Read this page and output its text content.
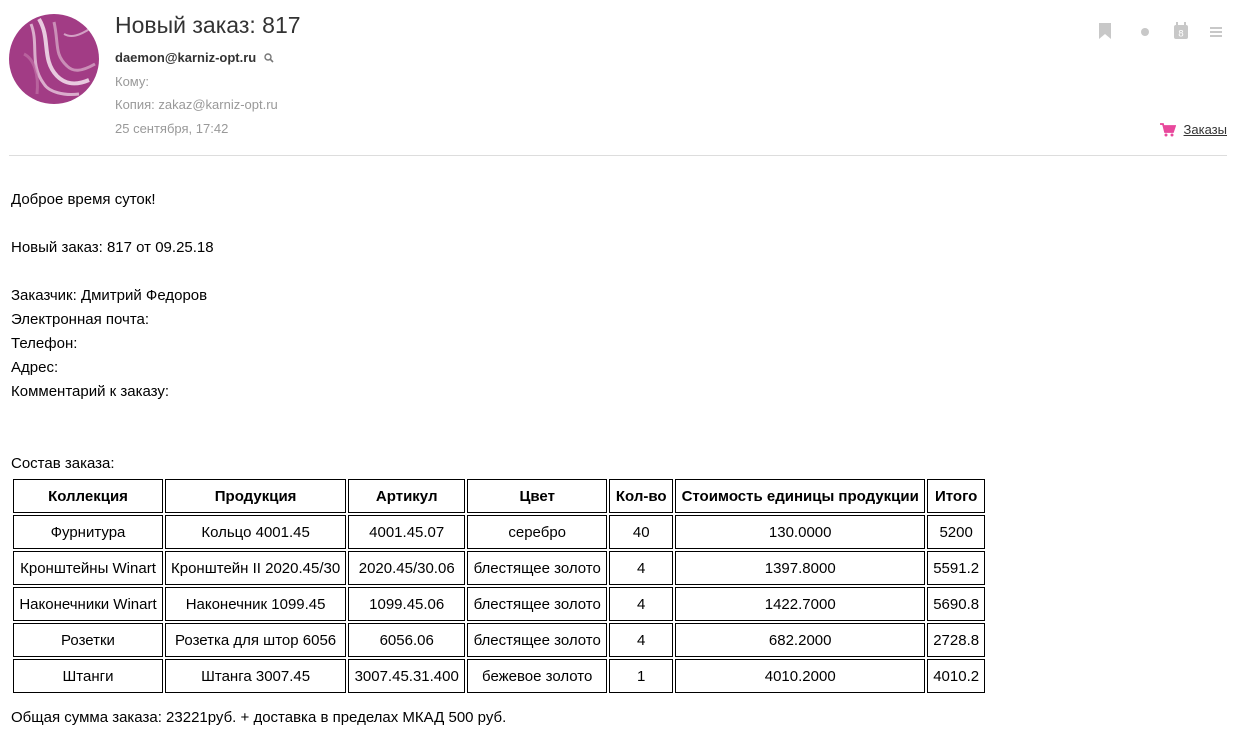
Новый заказ: 817
daemon@karniz-opt.ru
Кому:
Копия: zakaz@karniz-opt.ru
25 сентября, 17:42
8
Заказы
Доброе время суток!
Новый заказ: 817 от 09.25.18
Заказчик: Дмитрий Федоров
Электронная почта:
Телефон:
Адрес:
Комментарий к заказу:
Состав заказа:
Коллекция	Продукция	Артикул	Цвет	Кол-во	Стоимость единицы продукции	Итого
Фурнитура	Кольцо 4001.45	4001.45.07	серебро	40	130.0000	5200
Кронштейны Winart	Кронштейн II 2020.45/30	2020.45/30.06	блестящее золото	4	1397.8000	5591.2
Наконечники Winart	Наконечник 1099.45	1099.45.06	блестящее золото	4	1422.7000	5690.8
Розетки	Розетка для штор 6056	6056.06	блестящее золото	4	682.2000	2728.8
Штанги	Штанга 3007.45	3007.45.31.400	бежевое золото	1	4010.2000	4010.2
Общая сумма заказа: 23221руб. + доставка в пределах МКАД 500 руб.
